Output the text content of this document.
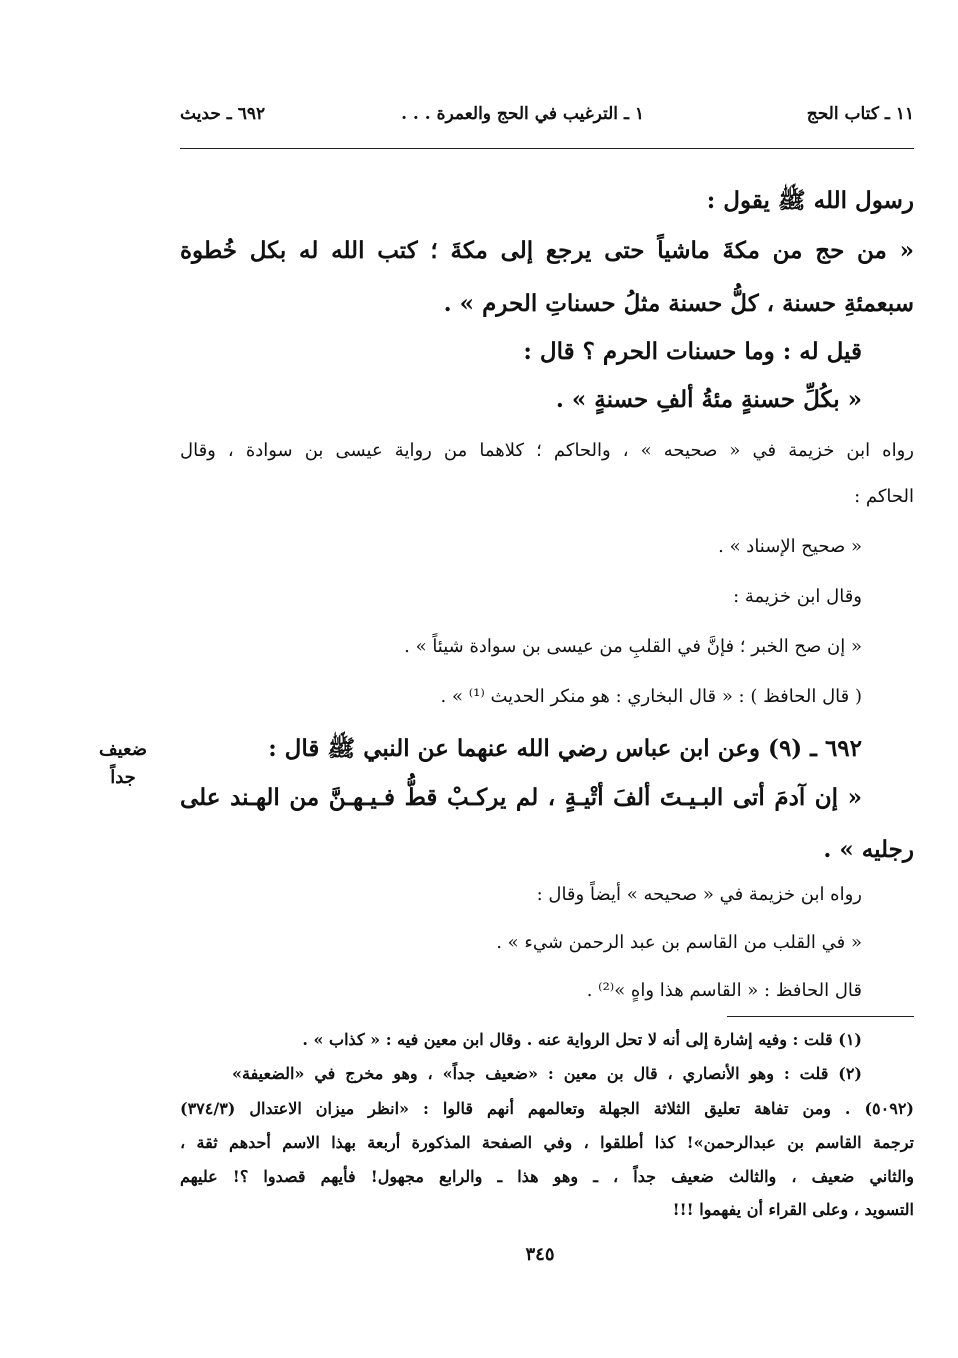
١١ ـ كتاب الحج
١ ـ الترغيب في الحج والعمرة . . .
٦٩٢ ـ حديث
ضعيف
جداً
رسول الله ﷺ يقول :
« من حج من مكةَ ماشياً حتى يرجع إلى مكةَ ؛ كتب الله له بكل خُطوة
سبعمئةِ حسنة ، كلُّ حسنة مثلُ حسناتِ الحرم » .
قيل له : وما حسنات الحرم ؟ قال :
« بكُلِّ حسنةٍ مئةُ ألفِ حسنةٍ » .
رواه ابن خزيمة في « صحيحه » ، والحاكم ؛ كلاهما من رواية عيسى بن سوادة ، وقال
الحاكم :
« صحيح الإسناد » .
وقال ابن خزيمة :
« إن صح الخبر ؛ فإنَّ في القلبِ من عيسى بن سوادة شيئاً » .
( قال الحافظ ) : « قال البخاري : هو منكر الحديث ⁽¹⁾ » .
٦٩٢ ـ (٩) وعن ابن عباس رضي الله عنهما عن النبي ﷺ قال :
« إن آدمَ أتى البـيـتَ ألفَ أتْيـةٍ ، لم يركـبْ قطُّ فـيـهـنَّ من الهـند على
رجليه » .
رواه ابن خزيمة في « صحيحه » أيضاً وقال :
« في القلب من القاسم بن عبد الرحمن شيء » .
قال الحافظ : « القاسم هذا واهٍ »⁽²⁾ .
(١) قلت : وفيه إشارة إلى أنه لا تحل الرواية عنه . وقال ابن معين فيه : « كذاب » .
(٢) قلت : وهو الأنصاري ، قال بن معين : «ضعيف جداً» ، وهو مخرج في «الضعيفة»
(٥٠٩٢) . ومن تفاهة تعليق الثلاثة الجهلة وتعالمهم أنهم قالوا : «انظر ميزان الاعتدال (٣٧٤/٣)
ترجمة القاسم بن عبدالرحمن»! كذا أطلقوا ، وفي الصفحة المذكورة أربعة بهذا الاسم أحدهم ثقة ،
والثاني ضعيف ، والثالث ضعيف جداً ، ـ وهو هذا ـ والرابع مجهول! فأيهم قصدوا ؟! عليهم
التسويد ، وعلى القراء أن يفهموا !!!
٣٤٥
